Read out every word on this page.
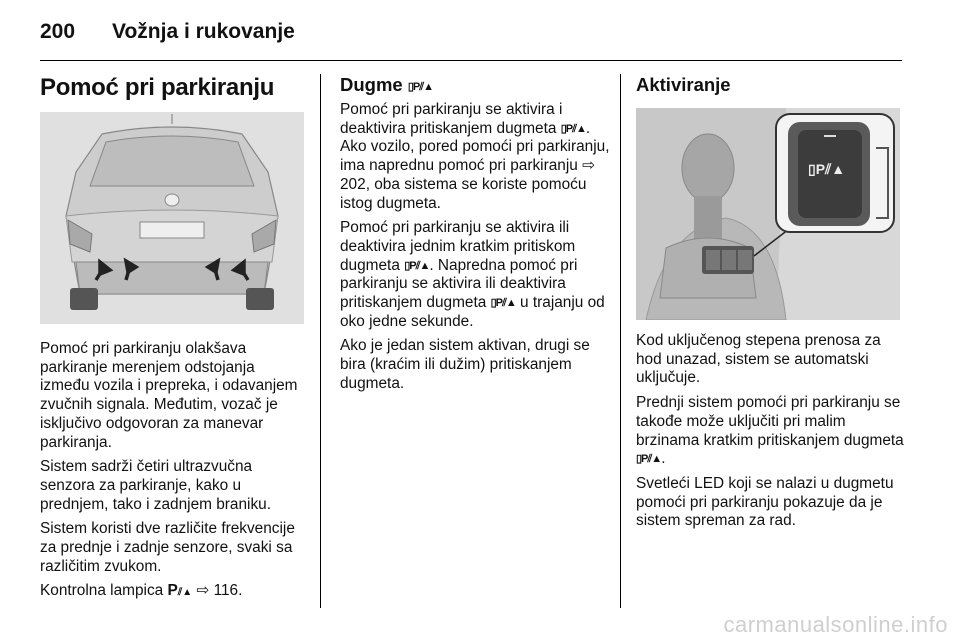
200 Vožnja i rukovanje
Pomoć pri parkiranju

Pomoć pri parkiranju olakšava parkiranje merenjem odstojanja između vozila i prepreka, i odavanjem zvučnih signala. Međutim, vozač je isključivo odgovoran za manevar parkiranja.

Sistem sadrži četiri ultrazvučna senzora za parkiranje, kako u prednjem, tako i zadnjem braniku.

Sistem koristi dve različite frekvencije za prednje i zadnje senzore, svaki sa različitim zvukom.

Kontrolna lampica P⫽▲ ⇨ 116.

Dugme ▯P⫽▲

Pomoć pri parkiranju se aktivira i deaktivira pritiskanjem dugmeta ▯P⫽▲. Ako vozilo, pored pomoći pri parkiranju, ima naprednu pomoć pri parkiranju ⇨ 202, oba sistema se koriste pomoću istog dugmeta.

Pomoć pri parkiranju se aktivira ili deaktivira jednim kratkim pritiskom dugmeta ▯P⫽▲. Napredna pomoć pri parkiranju se aktivira ili deaktivira pritiskanjem dugmeta ▯P⫽▲ u trajanju od oko jedne sekunde.

Ako je jedan sistem aktivan, drugi se bira (kraćim ili dužim) pritiskanjem dugmeta.

Aktiviranje
▯P⫽▲

Kod uključenog stepena prenosa za hod unazad, sistem se automatski uključuje.

Prednji sistem pomoći pri parkiranju se takođe može uključiti pri malim brzinama kratkim pritiskanjem dugmeta ▯P⫽▲.

Svetleći LED koji se nalazi u dugmetu pomoći pri parkiranju pokazuje da je sistem spreman za rad.

carmanualsonline.info
